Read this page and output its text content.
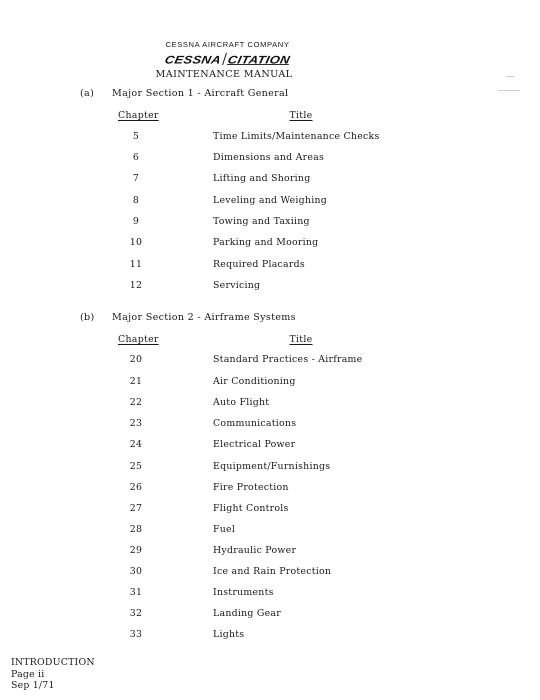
CESSNA AIRCRAFT COMPANY
CESSNA CITATION
MAINTENANCE MANUAL
(a) Major Section 1 - Aircraft General
Chapter	Title
5	Time Limits/Maintenance Checks
6	Dimensions and Areas
7	Lifting and Shoring
8	Leveling and Weighing
9	Towing and Taxiing
10	Parking and Mooring
11	Required Placards
12	Servicing
(b) Major Section 2 - Airframe Systems
Chapter	Title
20	Standard Practices - Airframe
21	Air Conditioning
22	Auto Flight
23	Communications
24	Electrical Power
25	Equipment/Furnishings
26	Fire Protection
27	Flight Controls
28	Fuel
29	Hydraulic Power
30	Ice and Rain Protection
31	Instruments
32	Landing Gear
33	Lights
INTRODUCTION
Page ii
Sep 1/71
